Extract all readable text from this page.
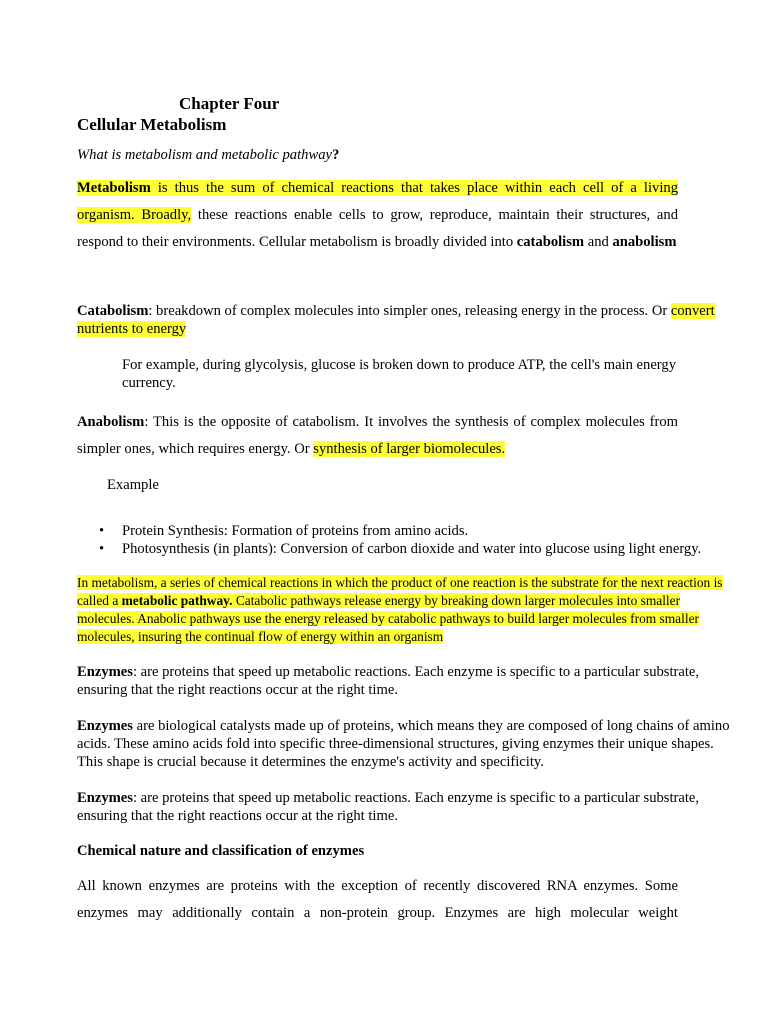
Chapter Four

Cellular Metabolism

What is metabolism and metabolic pathway?

Metabolism is thus the sum of chemical reactions that takes place within each cell of a living organism. Broadly, these reactions enable cells to grow, reproduce, maintain their structures, and respond to their environments. Cellular metabolism is broadly divided into catabolism and anabolism

Catabolism: breakdown of complex molecules into simpler ones, releasing energy in the process. Or convert nutrients to energy

For example, during glycolysis, glucose is broken down to produce ATP, the cell's main energy currency.

Anabolism: This is the opposite of catabolism. It involves the synthesis of complex molecules from simpler ones, which requires energy. Or synthesis of larger biomolecules.

Example

• Protein Synthesis: Formation of proteins from amino acids.
• Photosynthesis (in plants): Conversion of carbon dioxide and water into glucose using light energy.

In metabolism, a series of chemical reactions in which the product of one reaction is the substrate for the next reaction is called a metabolic pathway. Catabolic pathways release energy by breaking down larger molecules into smaller molecules. Anabolic pathways use the energy released by catabolic pathways to build larger molecules from smaller molecules, insuring the continual flow of energy within an organism

Enzymes: are proteins that speed up metabolic reactions. Each enzyme is specific to a particular substrate, ensuring that the right reactions occur at the right time.

Enzymes are biological catalysts made up of proteins, which means they are composed of long chains of amino acids. These amino acids fold into specific three-dimensional structures, giving enzymes their unique shapes. This shape is crucial because it determines the enzyme's activity and specificity.

Enzymes: are proteins that speed up metabolic reactions. Each enzyme is specific to a particular substrate, ensuring that the right reactions occur at the right time.

Chemical nature and classification of enzymes

All known enzymes are proteins with the exception of recently discovered RNA enzymes. Some enzymes may additionally contain a non-protein group. Enzymes are high molecular weight
